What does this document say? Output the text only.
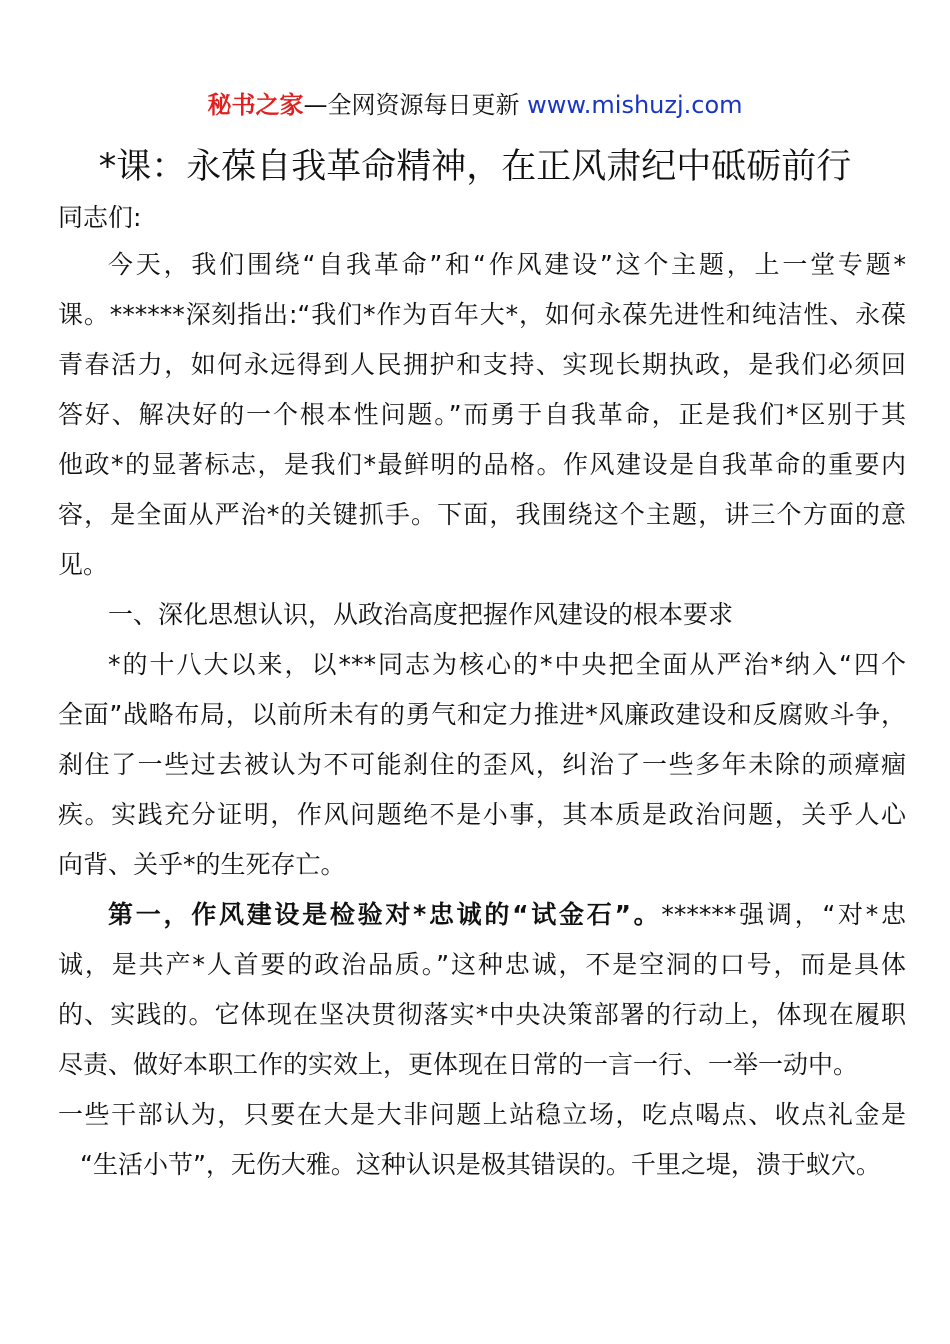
秘书之家—全网资源每日更新 www.mishuzj.com
*课：永葆自我革命精神，在正风肃纪中砥砺前行
同志们:
今天，我们围绕“自我革命”和“作风建设”这个主题，上一堂专题*
课。******深刻指出:“我们*作为百年大*，如何永葆先进性和纯洁性、永葆
青春活力，如何永远得到人民拥护和支持、实现长期执政，是我们必须回
答好、解决好的一个根本性问题。”而勇于自我革命，正是我们*区别于其
他政*的显著标志，是我们*最鲜明的品格。作风建设是自我革命的重要内
容，是全面从严治*的关键抓手。下面，我围绕这个主题，讲三个方面的意
见。
一、深化思想认识，从政治高度把握作风建设的根本要求
*的十八大以来，以***同志为核心的*中央把全面从严治*纳入“四个
全面”战略布局，以前所未有的勇气和定力推进*风廉政建设和反腐败斗争，
刹住了一些过去被认为不可能刹住的歪风，纠治了一些多年未除的顽瘴痼
疾。实践充分证明，作风问题绝不是小事，其本质是政治问题，关乎人心
向背、关乎*的生死存亡。
第一，作风建设是检验对*忠诚的“试金石”。******强调，“对*忠
诚，是共产*人首要的政治品质。”这种忠诚，不是空洞的口号，而是具体
的、实践的。它体现在坚决贯彻落实*中央决策部署的行动上，体现在履职
尽责、做好本职工作的实效上，更体现在日常的一言一行、一举一动中。
一些干部认为，只要在大是大非问题上站稳立场，吃点喝点、收点礼金是
“生活小节”，无伤大雅。这种认识是极其错误的。千里之堤，溃于蚁穴。
